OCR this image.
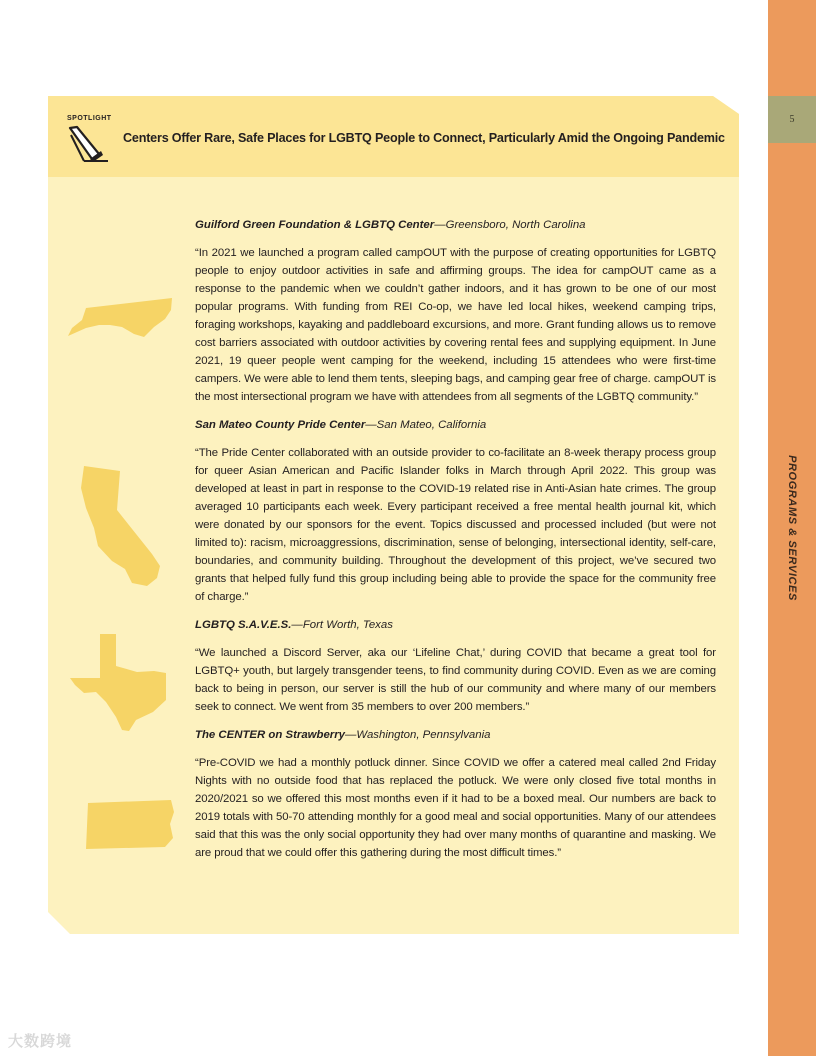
5
PROGRAMS & SERVICES
SPOTLIGHT
Centers Offer Rare, Safe Places for LGBTQ People to Connect, Particularly Amid the Ongoing Pandemic

Guilford Green Foundation & LGBTQ Center—Greensboro, North Carolina

“In 2021 we launched a program called campOUT with the purpose of creating opportunities for LGBTQ people to enjoy outdoor activities in safe and affirming groups. The idea for campOUT came as a response to the pandemic when we couldn’t gather indoors, and it has grown to be one of our most popular programs. With funding from REI Co-op, we have led local hikes, weekend camping trips, foraging workshops, kayaking and paddleboard excursions, and more. Grant funding allows us to remove cost barriers associated with outdoor activities by covering rental fees and supplying equipment. In June 2021, 19 queer people went camping for the weekend, including 15 attendees who were first-time campers. We were able to lend them tents, sleeping bags, and camping gear free of charge. campOUT is the most intersectional program we have with attendees from all segments of the LGBTQ community.”

San Mateo County Pride Center—San Mateo, California

“The Pride Center collaborated with an outside provider to co-facilitate an 8-week therapy process group for queer Asian American and Pacific Islander folks in March through April 2022. This group was developed at least in part in response to the COVID-19 related rise in Anti-Asian hate crimes. The group averaged 10 participants each week. Every participant received a free mental health journal kit, which were donated by our sponsors for the event. Topics discussed and processed included (but were not limited to): racism, microaggressions, discrimination, sense of belonging, intersectional identity, self-care, boundaries, and community building. Throughout the development of this project, we’ve secured two grants that helped fully fund this group including being able to provide the space for the community free of charge.”

LGBTQ S.A.V.E.S.—Fort Worth, Texas

“We launched a Discord Server, aka our ‘Lifeline Chat,’ during COVID that became a great tool for LGBTQ+ youth, but largely transgender teens, to find community during COVID. Even as we are coming back to being in person, our server is still the hub of our community and where many of our members seek to connect. We went from 35 members to over 200 members.”

The CENTER on Strawberry—Washington, Pennsylvania

“Pre-COVID we had a monthly potluck dinner. Since COVID we offer a catered meal called 2nd Friday Nights with no outside food that has replaced the potluck. We were only closed five total months in 2020/2021 so we offered this most months even if it had to be a boxed meal. Our numbers are back to 2019 totals with 50-70 attending monthly for a good meal and social opportunities. Many of our attendees said that this was the only social opportunity they had over many months of quarantine and masking. We are proud that we could offer this gathering during the most difficult times.”

大数跨境
